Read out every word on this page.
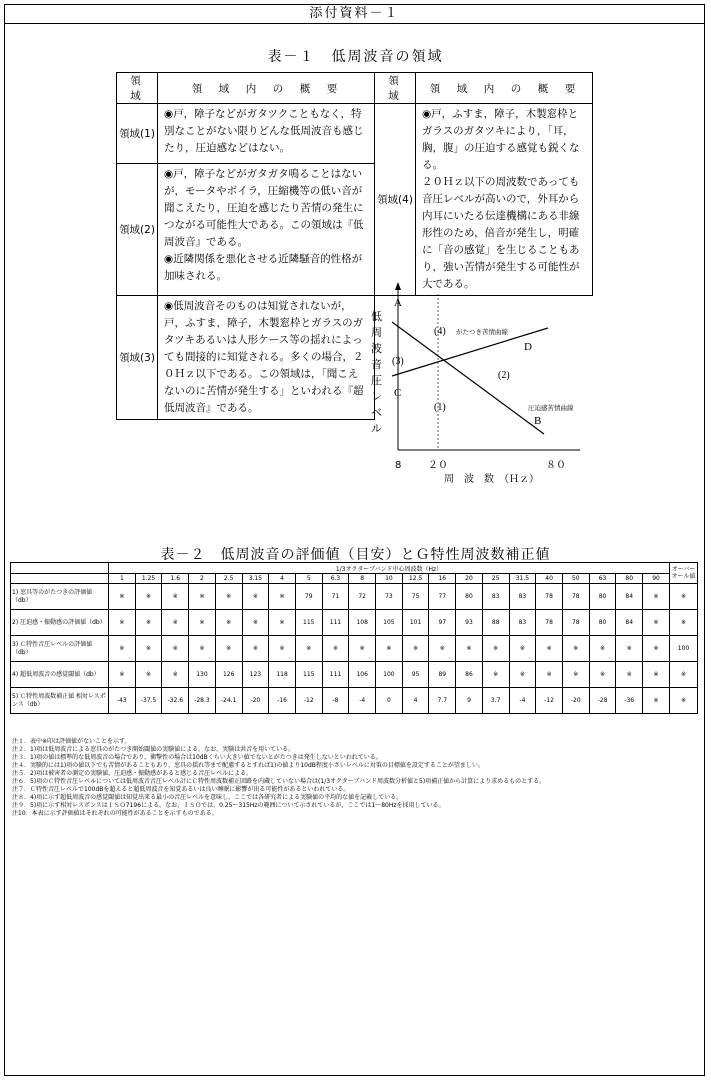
添付資料－１
表－１　低周波音の領域
領　域	領　域　内　の　概　要	領　域	領　域　内　の　概　要
領域(1)	◉戸，障子などがガタツクこともなく，特別なことがない限りどんな低周波音も感じたり，圧迫感などはない。	領域(4)	◉戸，ふすま，障子，木製窓枠とガラスのガタツキにより，「耳，胸，腹」の圧迫する感覚も鋭くなる。

２０Ｈｚ以下の周波数であっても音圧レベルが高いので，外耳から内耳にいたる伝達機構にある非線形性のため，倍音が発生し，明確に「音の感覚」を生じることもあり，強い苦情が発生する可能性が大である。

領域(2)	◉戸，障子などがガタガタ鳴ることはないが，モータやボイラ，圧縮機等の低い音が聞こえたり，圧迫を感じたり苦情の発生につながる可能性大である。この領域は『低周波音』である。

◉近隣関係を悪化させる近隣騒音的性格が加味される。		

領域(3)	◉低周波音そのものは知覚されないが，戸，ふすま，障子，木製窓枠とガラスのガタツキあるいは人形ケース等の揺れによっても間接的に知覚される。多くの場合，２０Ｈｚ以下である。この領域は，「聞こえないのに苦情が発生する」といわれる『超低周波音』である。		

A
B
C
D
(1)
(2)
(3)
(4) がたつき苦情曲線
圧迫感苦情曲線
8	２０	８０
周　波　数　（Ｈｚ）
低
周
波
音
圧
レ
ベ
ル
表－２　低周波音の評価値（目安）とＧ特性周波数補正値
	1/3オクターブバンド中心周波数（Hz）																					オーバーオール値
	1	1.25	1.6	2	2.5	3.15	4	5	6.3	8	10	12.5	16	20	25	31.5	40	50	63	80	90	
1) 窓具等のがたつきの評価値（db）	※	※	※	※	※	※	※	79	71	72	73	75	77	80	83	83	78	78	80	84	※	※
2) 圧迫感・振動感の評価値（db）	※	※	※	※	※	※	※	115	111	108	105	101	97	93	88	83	78	78	80	84	※	※
3) Ｃ特性音圧レベルの評価値（db）	※	※	※	※	※	※	※	※	※	※	※	※	※	※	※	※	※	※	※	※	※	100
4) 超低周波音の感覚閾値（db）	※	※	※	130	126	123	118	115	111	106	100	95	89	86	※	※	※	※	※	※	※	※
5) Ｃ特性周波数補正値 相対レスポンス（db）	-43	-37.5	-32.6	-28.3	-24.1	-20	-16	-12	-8	-4	0	4	7.7	9	3.7	-4	-12	-20	-28	-36	※	※
注１．表中※印は評価値がないことを示す。
注２．1)項は低周波音による窓具のがたつき開始閾値の実験値による。なお，実験は共音を用いている。
注３．1)項の値は標準的な低周波音の場合であり，衝撃性の場合は10dBくらい大きい値でないとがたつきは発生しないといわれている。
注４．実験的には1)項の値以下でも苦情があることもあり，窓具の揺れ等まで配慮するとすれば1)の値より10dB程度小さいレベルに対策の目標値を設定することが望ましい。
注５．2)項は被害者の測定の実験値，圧迫感・振動感があると感じる音圧レベルによる。
注６．5)項のＣ特性音圧レベルについては低周波音音圧レベル計にＣ特性周波数補正回路を内蔵していない場合は(1/3オクターブバンド周波数分析値と5)項補正値から計算により求めるものとする。
注７．Ｃ特性音圧レベルで100dBを超えると超低周波音を知覚あるいは良い睡眠に影響が出る可能性があるといわれている。
注８．4)項に示す超低周波音の感覚閾値は知覚出来る最小の音圧レベルを意味し，ここでは各研究者による実験値の平均的な値を記載している。
注９．5)項に示す相対レスポンスはＩＳＯ7196による。なお，ＩＳＯでは，0.25～315Hzの範囲について示されているが，ここでは1～80Hzを採用している。
注10．本表に示す評価値はそれぞれの可能性があることを示すものである。
